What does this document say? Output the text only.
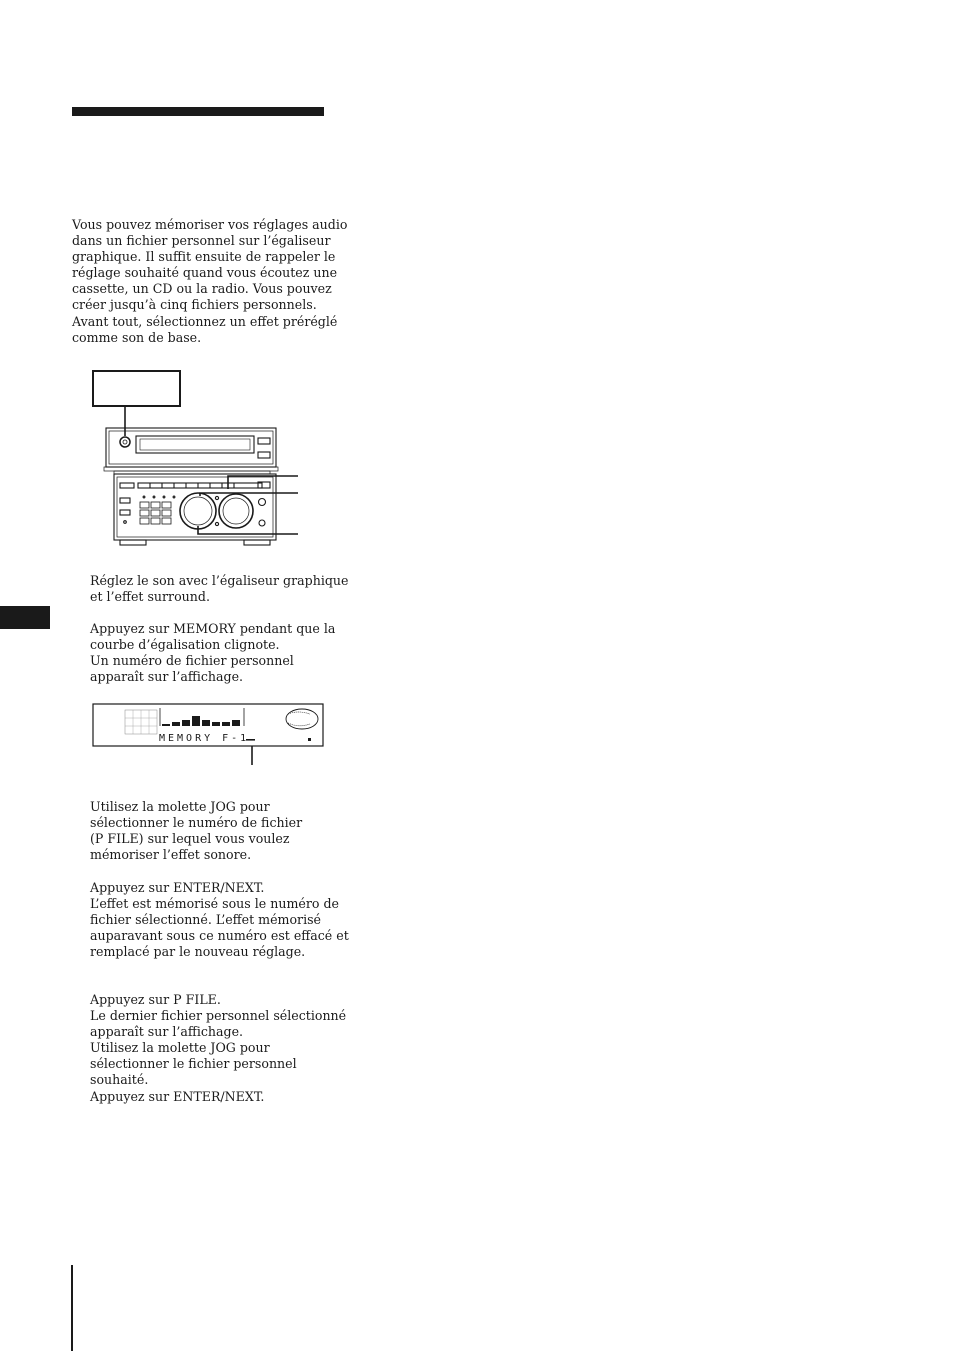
Vous pouvez mémoriser vos réglages audio
dans un fichier personnel sur l’égaliseur
graphique. Il suffit ensuite de rappeler le
réglage souhaité quand vous écoutez une
cassette, un CD ou la radio. Vous pouvez
créer jusqu’à cinq fichiers personnels.
Avant tout, sélectionnez un effet préréglé
comme son de base.
Réglez le son avec l’égaliseur graphique
et l’effet surround.
Appuyez sur MEMORY pendant que la
courbe d’égalisation clignote.
Un numéro de fichier personnel
apparaît sur l’affichage.
MEMORY F-1
Utilisez la molette JOG pour
sélectionner le numéro de fichier
(P FILE) sur lequel vous voulez
mémoriser l’effet sonore.
Appuyez sur ENTER/NEXT.
L’effet est mémorisé sous le numéro de
fichier sélectionné. L’effet mémorisé
auparavant sous ce numéro est effacé et
remplacé par le nouveau réglage.
Appuyez sur P FILE.
Le dernier fichier personnel sélectionné
apparaît sur l’affichage.
Utilisez la molette JOG pour
sélectionner le fichier personnel
souhaité.
Appuyez sur ENTER/NEXT.
